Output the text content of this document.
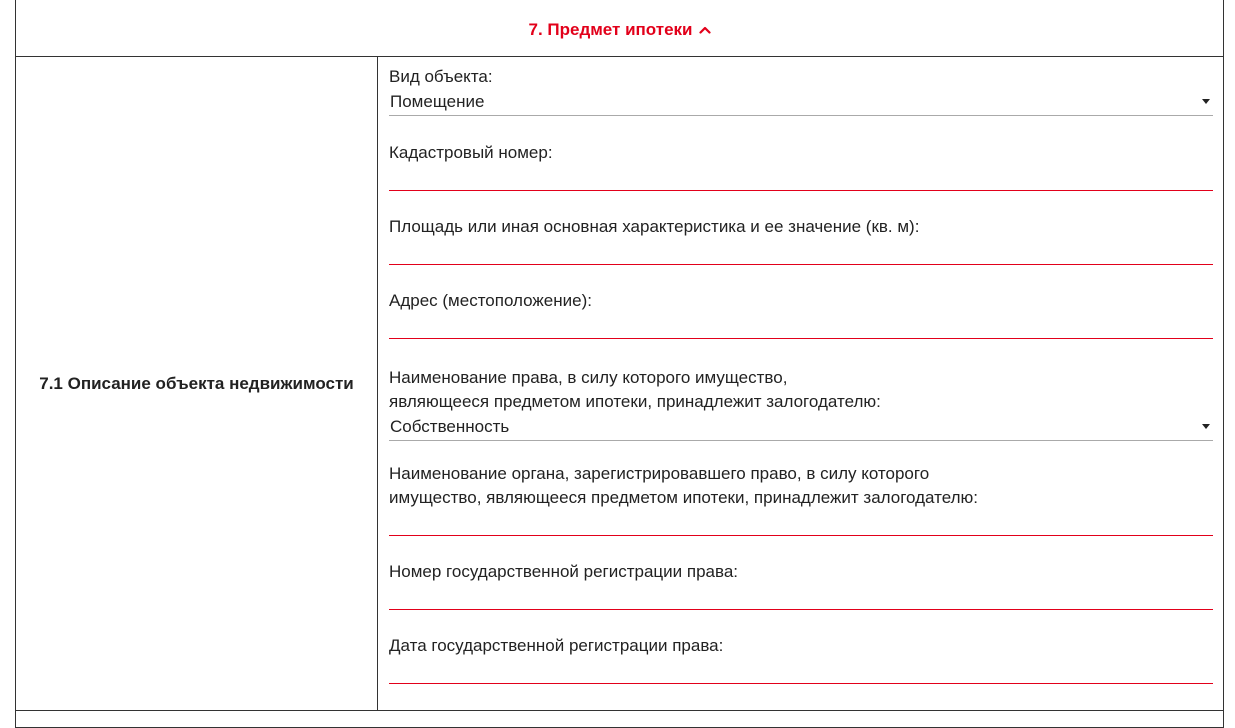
7. Предмет ипотеки
7.1 Описание объекта недвижимости
Вид объекта:
Помещение
Кадастровый номер:
Площадь или иная основная характеристика и ее значение (кв. м):
Адрес (местоположение):
Наименование права, в силу которого имущество,
являющееся предметом ипотеки, принадлежит залогодателю:
Собственность
Наименование органа, зарегистрировавшего право, в силу которого
имущество, являющееся предметом ипотеки, принадлежит залогодателю:
Номер государственной регистрации права:
Дата государственной регистрации права:
